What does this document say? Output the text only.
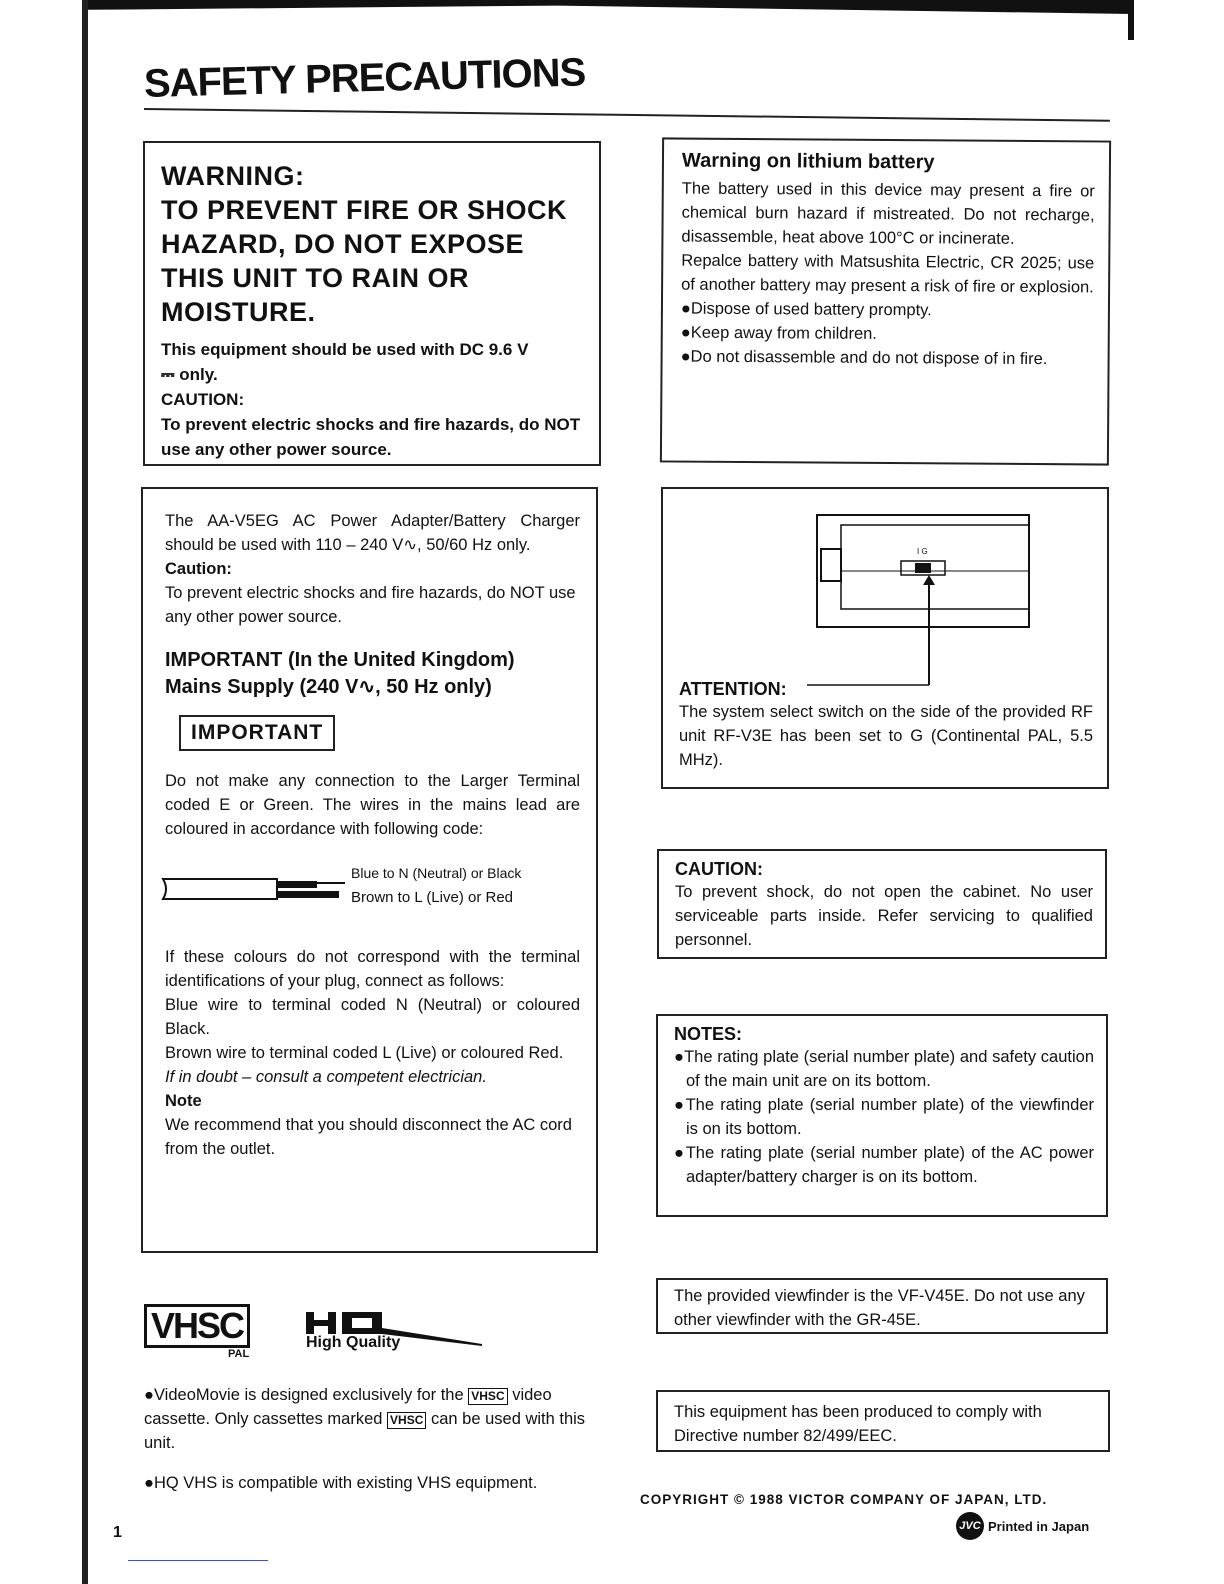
SAFETY PRECAUTIONS
WARNING:
TO PREVENT FIRE OR SHOCK
HAZARD, DO NOT EXPOSE
THIS UNIT TO RAIN OR
MOISTURE.
This equipment should be used with DC 9.6 V
⎓ only.
CAUTION:
To prevent electric shocks and fire hazards, do NOT use any other power source.
Warning on lithium battery

The battery used in this device may present a fire or chemical burn hazard if mistreated. Do not recharge, disassemble, heat above 100°C or incinerate.

Repalce battery with Matsushita Electric, CR 2025; use of another battery may present a risk of fire or explosion.

●Dispose of used battery prompty.

●Keep away from children.

●Do not disassemble and do not dispose of in fire.

The AA-V5EG AC Power Adapter/Battery Charger should be used with 110 – 240 V∿, 50/60 Hz only.

Caution:

To prevent electric shocks and fire hazards, do NOT use any other power source.

IMPORTANT (In the United Kingdom)
Mains Supply (240 V∿, 50 Hz only)
IMPORTANT

Do not make any connection to the Larger Terminal coded E or Green. The wires in the mains lead are coloured in accordance with following code:

Blue to N (Neutral) or Black
Brown to L (Live) or Red

If these colours do not correspond with the terminal identifications of your plug, connect as follows:

Blue wire to terminal coded N (Neutral) or coloured Black.

Brown wire to terminal coded L (Live) or coloured Red.

If in doubt – consult a competent electrician.

Note

We recommend that you should disconnect the AC cord from the outlet.

I G
ATTENTION:

The system select switch on the side of the provided RF unit RF-V3E has been set to G (Continental PAL, 5.5 MHz).

CAUTION:

To prevent shock, do not open the cabinet. No user serviceable parts inside. Refer servicing to qualified personnel.

NOTES:

●The rating plate (serial number plate) and safety caution of the main unit are on its bottom.

●The rating plate (serial number plate) of the viewfinder is on its bottom.

●The rating plate (serial number plate) of the AC power adapter/battery charger is on its bottom.

The provided viewfinder is the VF-V45E. Do not use any other viewfinder with the GR-45E.

This equipment has been produced to comply with Directive number 82/499/EEC.

VHSC
PAL
High Quality

●VideoMovie is designed exclusively for the VHSC video cassette. Only cassettes marked VHSC can be used with this unit.

●HQ VHS is compatible with existing VHS equipment.

COPYRIGHT © 1988 VICTOR COMPANY OF JAPAN, LTD.
JVC Printed in Japan
1
